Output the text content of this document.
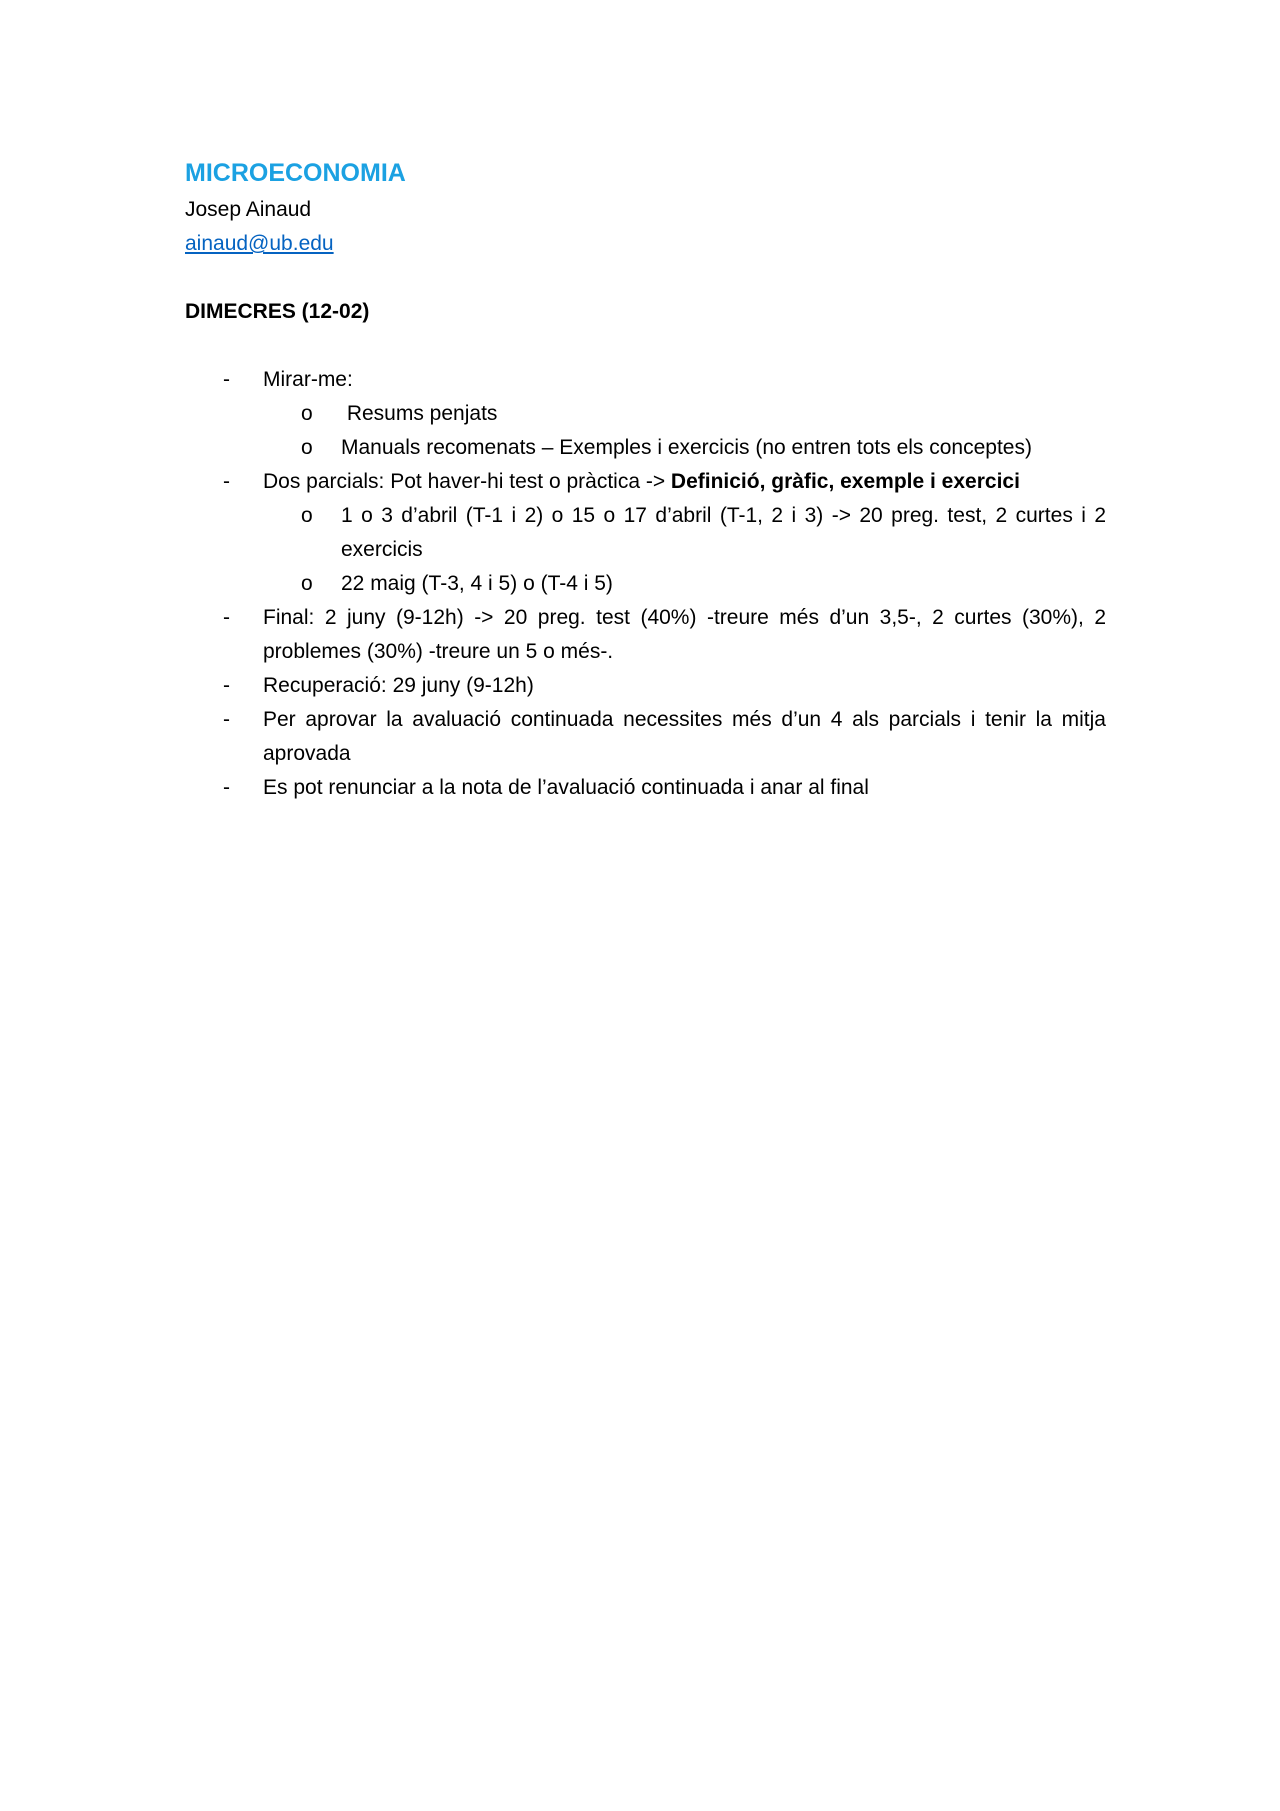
MICROECONOMIA
Josep Ainaud
ainaud@ub.edu
DIMECRES (12-02)
- Mirar-me:
o Resums penjats
o Manuals recomenats – Exemples i exercicis (no entren tots els conceptes)
- Dos parcials: Pot haver-hi test o pràctica -> Definició, gràfic, exemple i exercici
o 1 o 3 d’abril (T-1 i 2) o 15 o 17 d’abril (T-1, 2 i 3) -> 20 preg. test, 2 curtes i 2 exercicis
o 22 maig (T-3, 4 i 5) o (T-4 i 5)
- Final: 2 juny (9-12h) -> 20 preg. test (40%) -treure més d’un 3,5-, 2 curtes (30%), 2 problemes (30%) -treure un 5 o més-.
- Recuperació: 29 juny (9-12h)
- Per aprovar la avaluació continuada necessites més d’un 4 als parcials i tenir la mitja aprovada
- Es pot renunciar a la nota de l’avaluació continuada i anar al final
